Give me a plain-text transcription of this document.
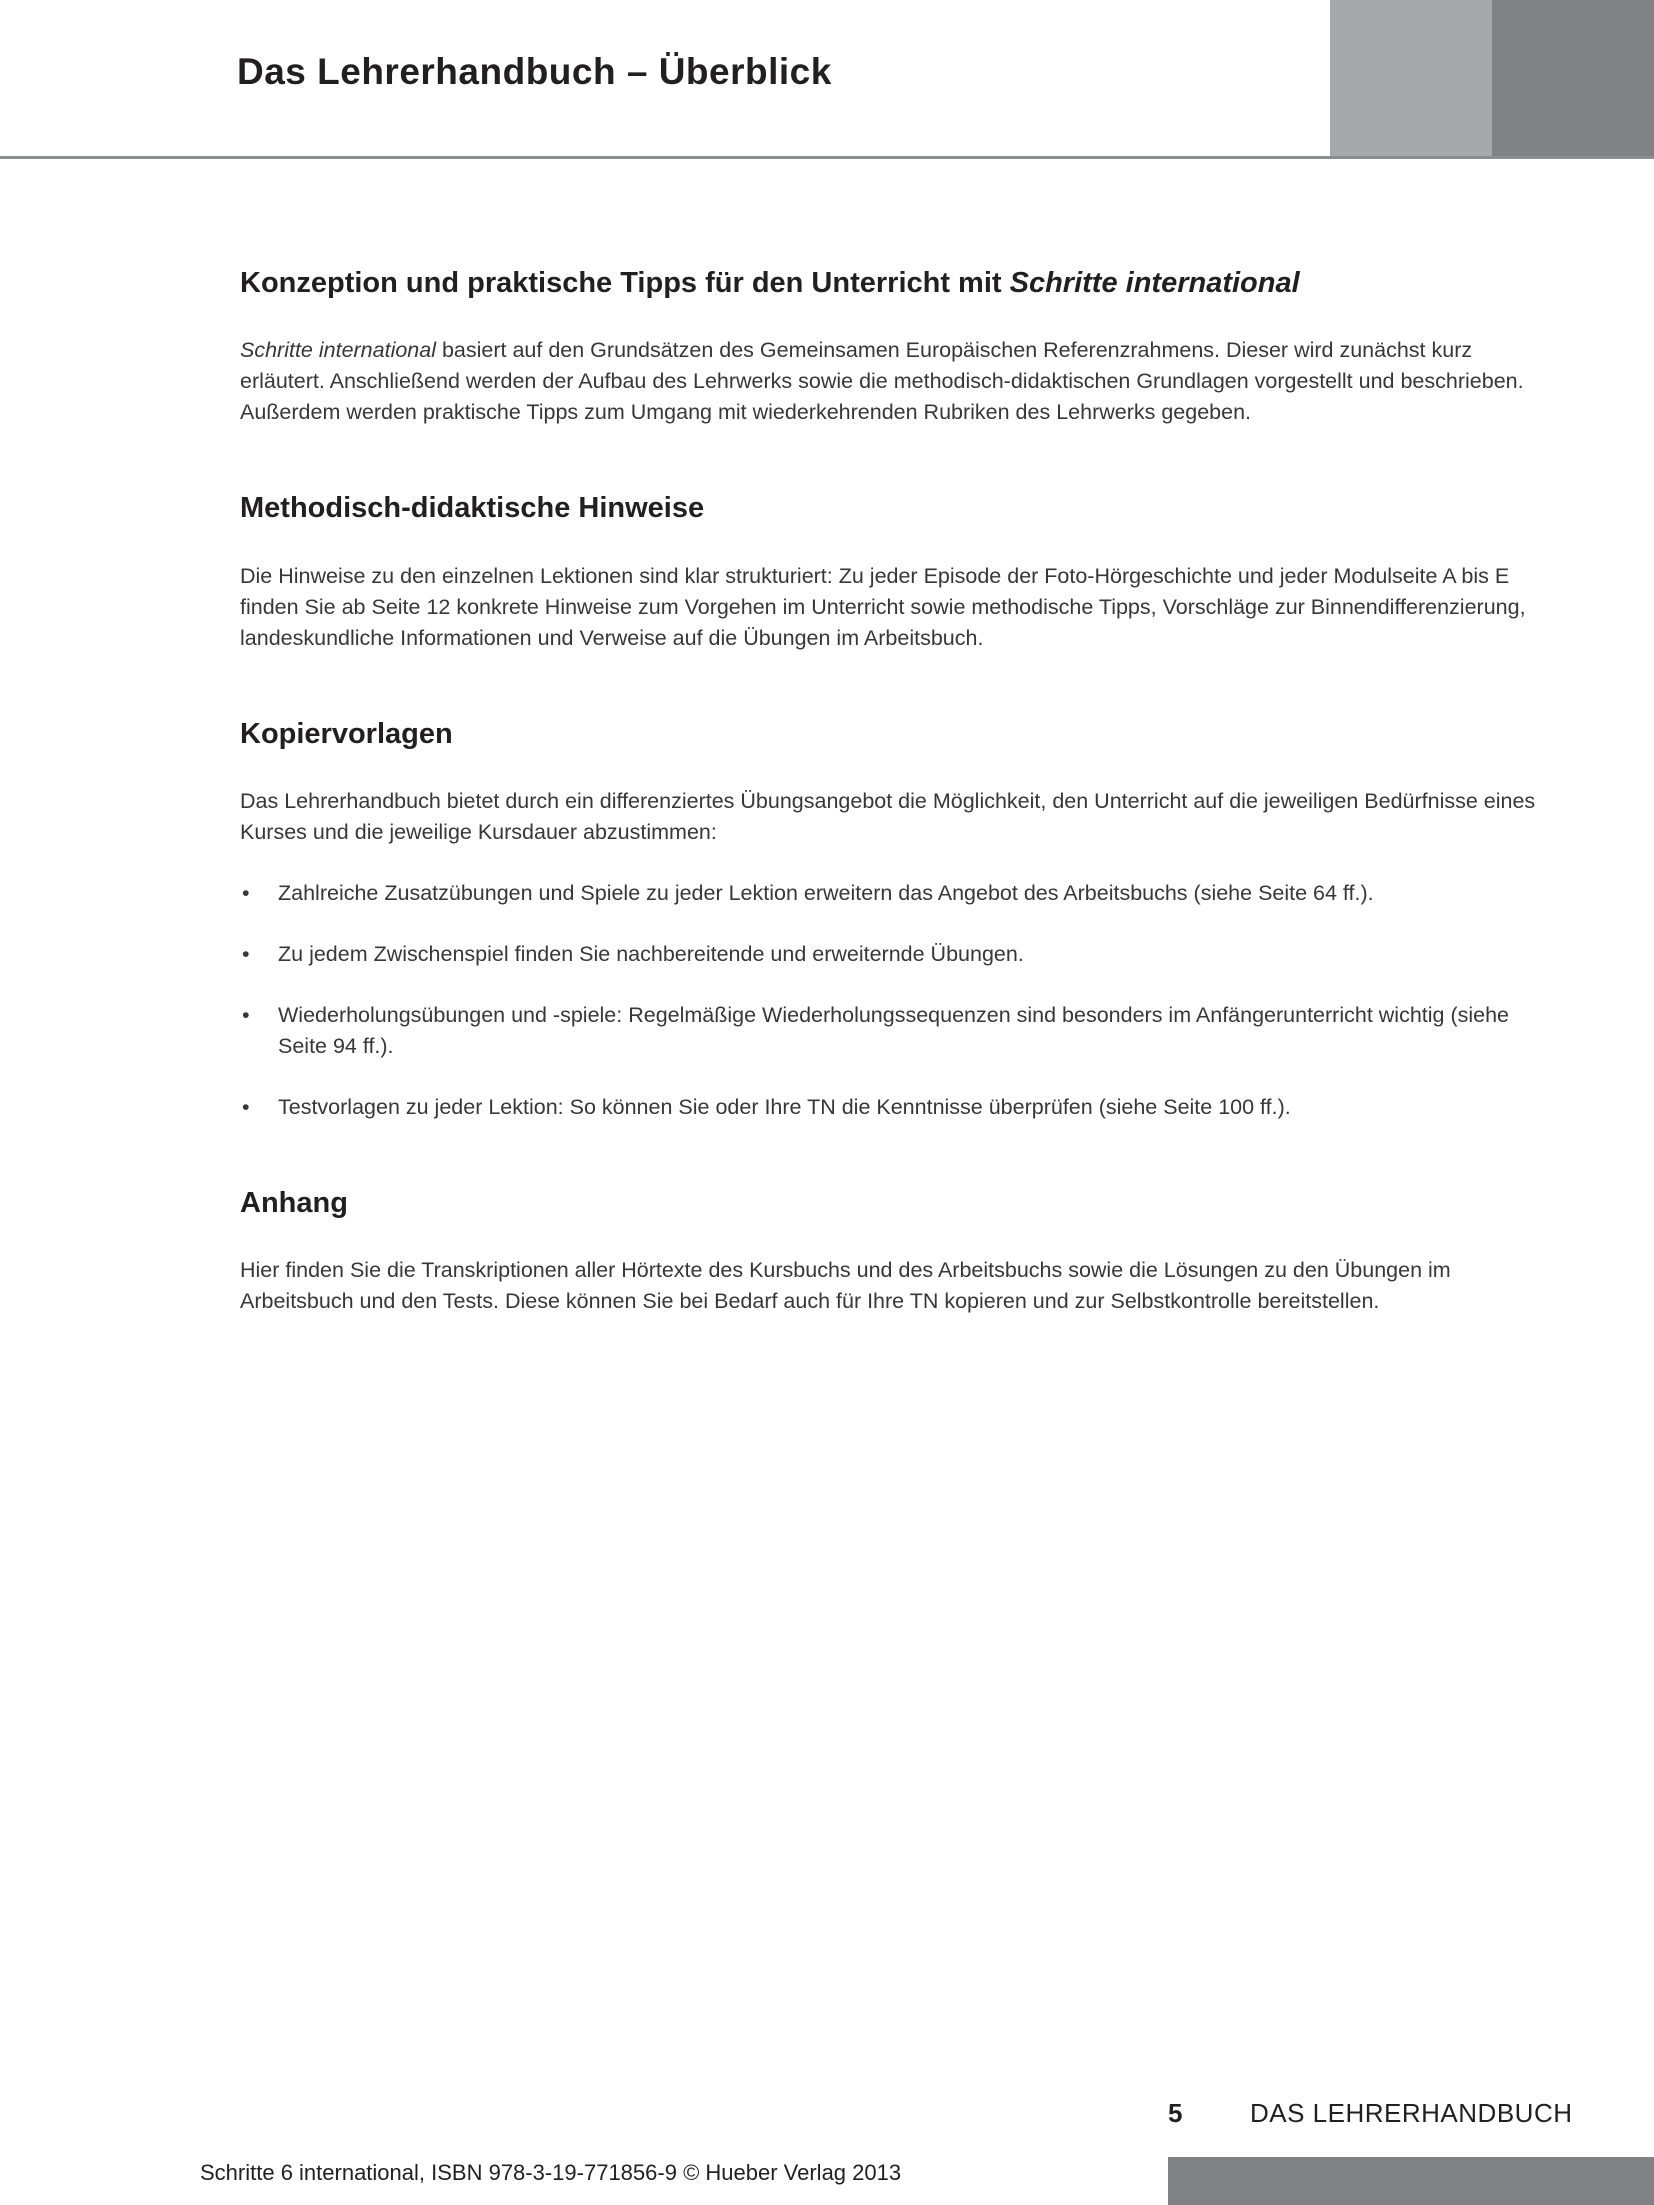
Das Lehrerhandbuch – Überblick
Konzeption und praktische Tipps für den Unterricht mit Schritte international

Schritte international basiert auf den Grundsätzen des Gemeinsamen Europäischen Referenzrahmens. Dieser wird zunächst kurz erläutert. Anschließend werden der Aufbau des Lehrwerks sowie die methodisch-didaktischen Grundlagen vorgestellt und beschrieben. Außerdem werden praktische Tipps zum Umgang mit wiederkehrenden Rubriken des Lehrwerks gegeben.

Methodisch-didaktische Hinweise

Die Hinweise zu den einzelnen Lektionen sind klar strukturiert: Zu jeder Episode der Foto-Hörgeschichte und jeder Modulseite A bis E finden Sie ab Seite 12 konkrete Hinweise zum Vorgehen im Unterricht sowie methodische Tipps, Vorschläge zur Binnendifferenzierung, landeskundliche Informationen und Verweise auf die Übungen im Arbeitsbuch.

Kopiervorlagen

Das Lehrerhandbuch bietet durch ein differenziertes Übungsangebot die Möglichkeit, den Unterricht auf die jeweiligen Bedürfnisse eines Kurses und die jeweilige Kursdauer abzustimmen:

• Zahlreiche Zusatzübungen und Spiele zu jeder Lektion erweitern das Angebot des Arbeitsbuchs (siehe Seite 64 ff.).
• Zu jedem Zwischenspiel finden Sie nachbereitende und erweiternde Übungen.
• Wiederholungsübungen und -spiele: Regelmäßige Wiederholungssequenzen sind besonders im Anfängerunterricht wichtig (siehe Seite 94 ff.).
• Testvorlagen zu jeder Lektion: So können Sie oder Ihre TN die Kenntnisse überprüfen (siehe Seite 100 ff.).
Anhang

Hier finden Sie die Transkriptionen aller Hörtexte des Kursbuchs und des Arbeitsbuchs sowie die Lösungen zu den Übungen im Arbeitsbuch und den Tests. Diese können Sie bei Bedarf auch für Ihre TN kopieren und zur Selbstkontrolle bereitstellen.

5	DAS LEHRERHANDBUCH
Schritte 6 international, ISBN 978-3-19-771856-9 © Hueber Verlag 2013
